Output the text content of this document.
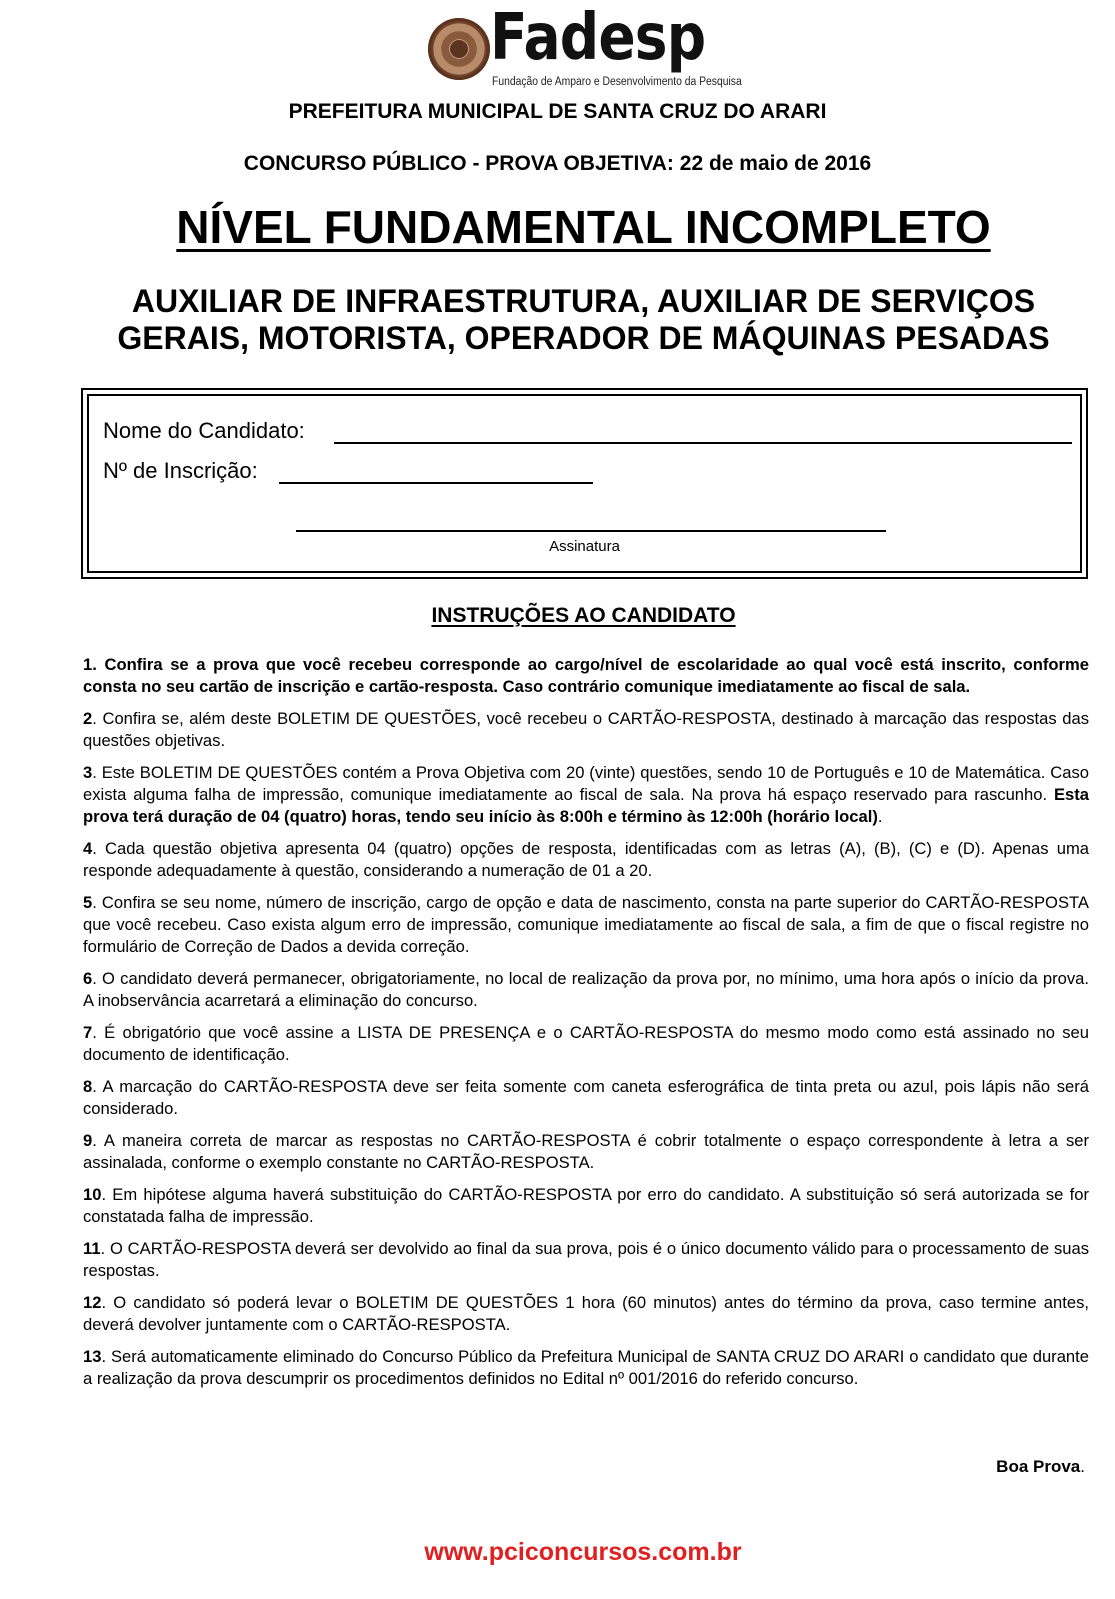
Fadesp
Fundação de Amparo e Desenvolvimento da Pesquisa
PREFEITURA MUNICIPAL DE SANTA CRUZ DO ARARI
CONCURSO PÚBLICO - PROVA OBJETIVA: 22 de maio de 2016
NÍVEL FUNDAMENTAL INCOMPLETO
AUXILIAR DE INFRAESTRUTURA, AUXILIAR DE SERVIÇOS
GERAIS, MOTORISTA, OPERADOR DE MÁQUINAS PESADAS
Nome do Candidato:
Nº de Inscrição:
Assinatura
INSTRUÇÕES AO CANDIDATO

1. Confira se a prova que você recebeu corresponde ao cargo/nível de escolaridade ao qual você está inscrito, conforme consta no seu cartão de inscrição e cartão-resposta. Caso contrário comunique imediatamente ao fiscal de sala.

2. Confira se, além deste BOLETIM DE QUESTÕES, você recebeu o CARTÃO-RESPOSTA, destinado à marcação das respostas das questões objetivas.

3. Este BOLETIM DE QUESTÕES contém a Prova Objetiva com 20 (vinte) questões, sendo 10 de Português e 10 de Matemática. Caso exista alguma falha de impressão, comunique imediatamente ao fiscal de sala. Na prova há espaço reservado para rascunho. Esta prova terá duração de 04 (quatro) horas, tendo seu início às 8:00h e término às 12:00h (horário local).

4. Cada questão objetiva apresenta 04 (quatro) opções de resposta, identificadas com as letras (A), (B), (C) e (D). Apenas uma responde adequadamente à questão, considerando a numeração de 01 a 20.

5. Confira se seu nome, número de inscrição, cargo de opção e data de nascimento, consta na parte superior do CARTÃO-RESPOSTA que você recebeu. Caso exista algum erro de impressão, comunique imediatamente ao fiscal de sala, a fim de que o fiscal registre no formulário de Correção de Dados a devida correção.

6. O candidato deverá permanecer, obrigatoriamente, no local de realização da prova por, no mínimo, uma hora após o início da prova. A inobservância acarretará a eliminação do concurso.

7. É obrigatório que você assine a LISTA DE PRESENÇA e o CARTÃO-RESPOSTA do mesmo modo como está assinado no seu documento de identificação.

8. A marcação do CARTÃO-RESPOSTA deve ser feita somente com caneta esferográfica de tinta preta ou azul, pois lápis não será considerado.

9. A maneira correta de marcar as respostas no CARTÃO-RESPOSTA é cobrir totalmente o espaço correspondente à letra a ser assinalada, conforme o exemplo constante no CARTÃO-RESPOSTA.

10. Em hipótese alguma haverá substituição do CARTÃO-RESPOSTA por erro do candidato. A substituição só será autorizada se for constatada falha de impressão.

11. O CARTÃO-RESPOSTA deverá ser devolvido ao final da sua prova, pois é o único documento válido para o processamento de suas respostas.

12. O candidato só poderá levar o BOLETIM DE QUESTÕES 1 hora (60 minutos) antes do término da prova, caso termine antes, deverá devolver juntamente com o CARTÃO-RESPOSTA.

13. Será automaticamente eliminado do Concurso Público da Prefeitura Municipal de SANTA CRUZ DO ARARI o candidato que durante a realização da prova descumprir os procedimentos definidos no Edital nº 001/2016 do referido concurso.

Boa Prova.
www.pciconcursos.com.br
